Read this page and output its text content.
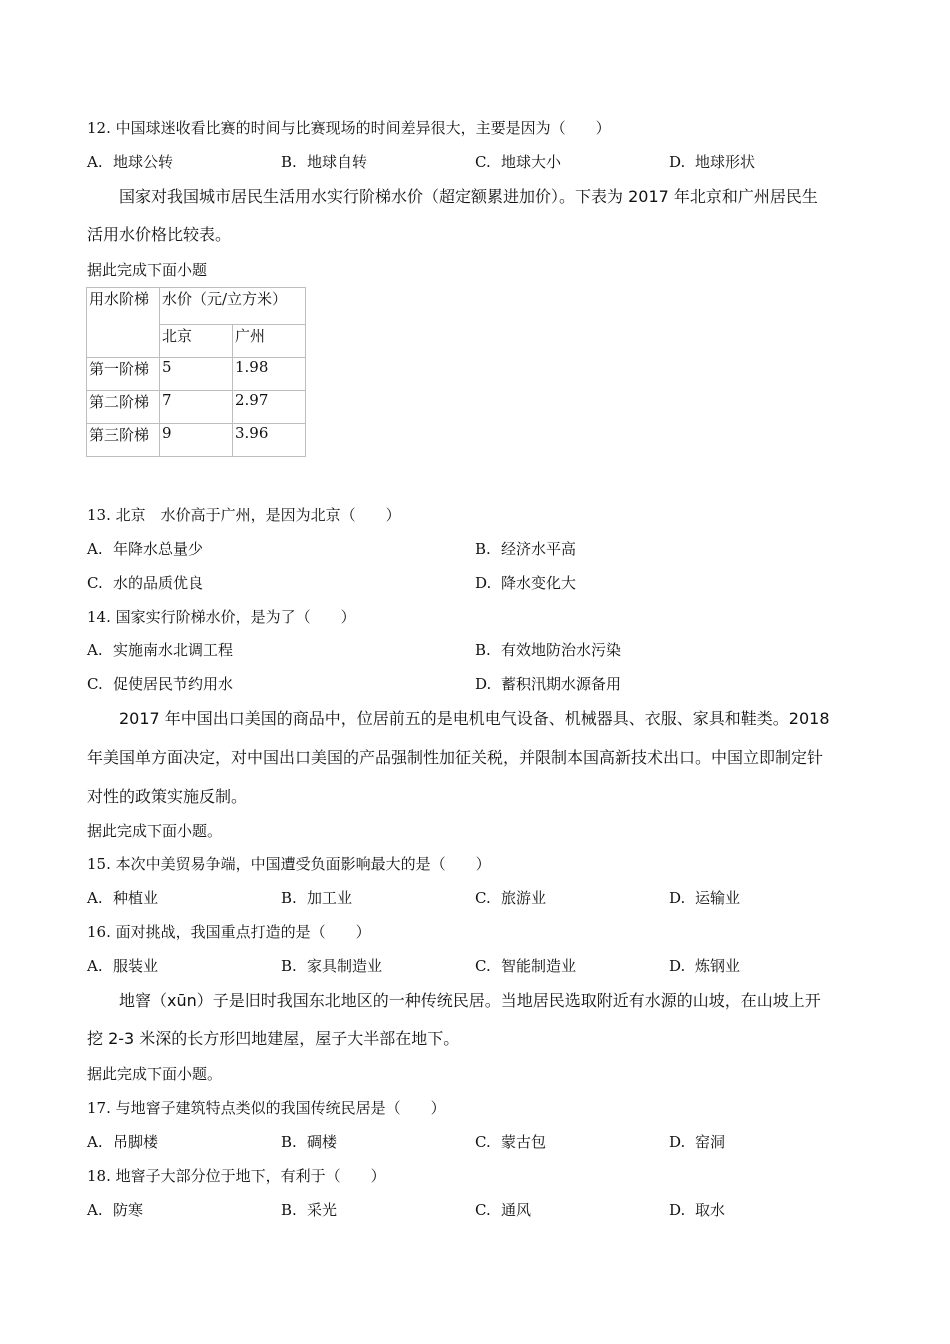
12. 中国球迷收看比赛的时间与比赛现场的时间差异很大，主要是因为（　　）
A. 地球公转	B. 地球自转	C. 地球大小	D. 地球形状
国家对我国城市居民生活用水实行阶梯水价（超定额累进加价）。下表为 2017 年北京和广州居民生
活用水价格比较表。
据此完成下面小题
用水阶梯	水价（元/立方米）	
	北京	广州
第一阶梯	5	1.98
第二阶梯	7	2.97
第三阶梯	9	3.96
13. 北京　水价高于广州，是因为北京（　　）
A. 年降水总量少	B. 经济水平高
C. 水的品质优良	D. 降水变化大
14. 国家实行阶梯水价，是为了（　　）
A. 实施南水北调工程	B. 有效地防治水污染
C. 促使居民节约用水	D. 蓄积汛期水源备用
2017 年中国出口美国的商品中，位居前五的是电机电气设备、机械器具、衣服、家具和鞋类。2018
年美国单方面决定，对中国出口美国的产品强制性加征关税，并限制本国高新技术出口。中国立即制定针
对性的政策实施反制。
据此完成下面小题。
15. 本次中美贸易争端，中国遭受负面影响最大的是（　　）
A. 种植业	B. 加工业	C. 旅游业	D. 运输业
16. 面对挑战，我国重点打造的是（　　）
A. 服装业	B. 家具制造业	C. 智能制造业	D. 炼钢业
地窨（xūn）子是旧时我国东北地区的一种传统民居。当地居民选取附近有水源的山坡，在山坡上开
挖 2-3 米深的长方形凹地建屋，屋子大半部在地下。
据此完成下面小题。
17. 与地窨子建筑特点类似的我国传统民居是（　　）
A. 吊脚楼	B. 碉楼	C. 蒙古包	D. 窑洞
18. 地窨子大部分位于地下，有利于（　　）
A. 防寒	B. 采光	C. 通风	D. 取水
